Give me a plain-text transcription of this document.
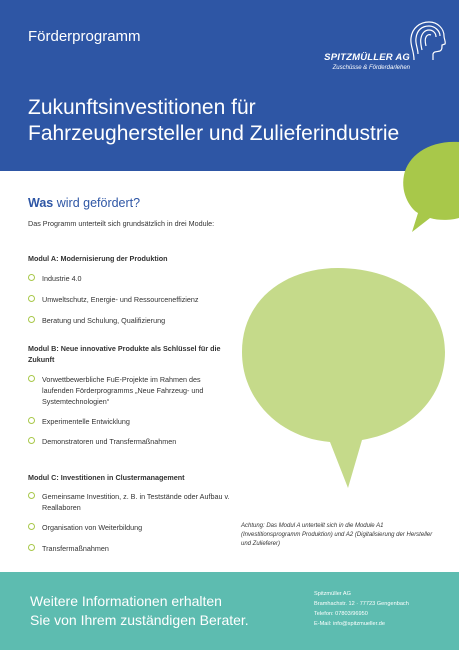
Förderprogramm
SPITZMÜLLER AG
Zuschüsse & Förderdarlehen
Zukunftsinvestitionen für
Fahrzeughersteller und Zulieferindustrie
Was wird gefördert?
Das Programm unterteilt sich grundsätzlich in drei Module:
Modul A: Modernisierung der Produktion
Industrie 4.0
Umweltschutz, Energie- und Ressourceneffizienz
Beratung und Schulung, Qualifizierung
Modul B: Neue innovative Produkte als Schlüssel für die Zukunft
Vorwettbewerbliche FuE-Projekte im Rahmen des laufenden Förderprogramms „Neue Fahrzeug- und Systemtechnologien“
Experimentelle Entwicklung
Demonstratoren und Transfermaßnahmen
Modul C: Investitionen in Clustermanagement
Gemeinsame Investition, z. B. in Teststände oder Aufbau v. Reallaboren
Organisation von Weiterbildung
Transfermaßnahmen
Achtung: Das Modul A unterteilt sich in die Module A1 (Investitionsprogramm Produktion) und A2 (Digitalisierung der Hersteller und Zulieferer)
Weitere Informationen erhalten
Sie von Ihrem zuständigen Berater.
Spitzmüller AG
Bramhachstr. 12 · 77723 Gengenbach
Telefon: 07803/96950
E-Mail: info@spitzmueller.de
